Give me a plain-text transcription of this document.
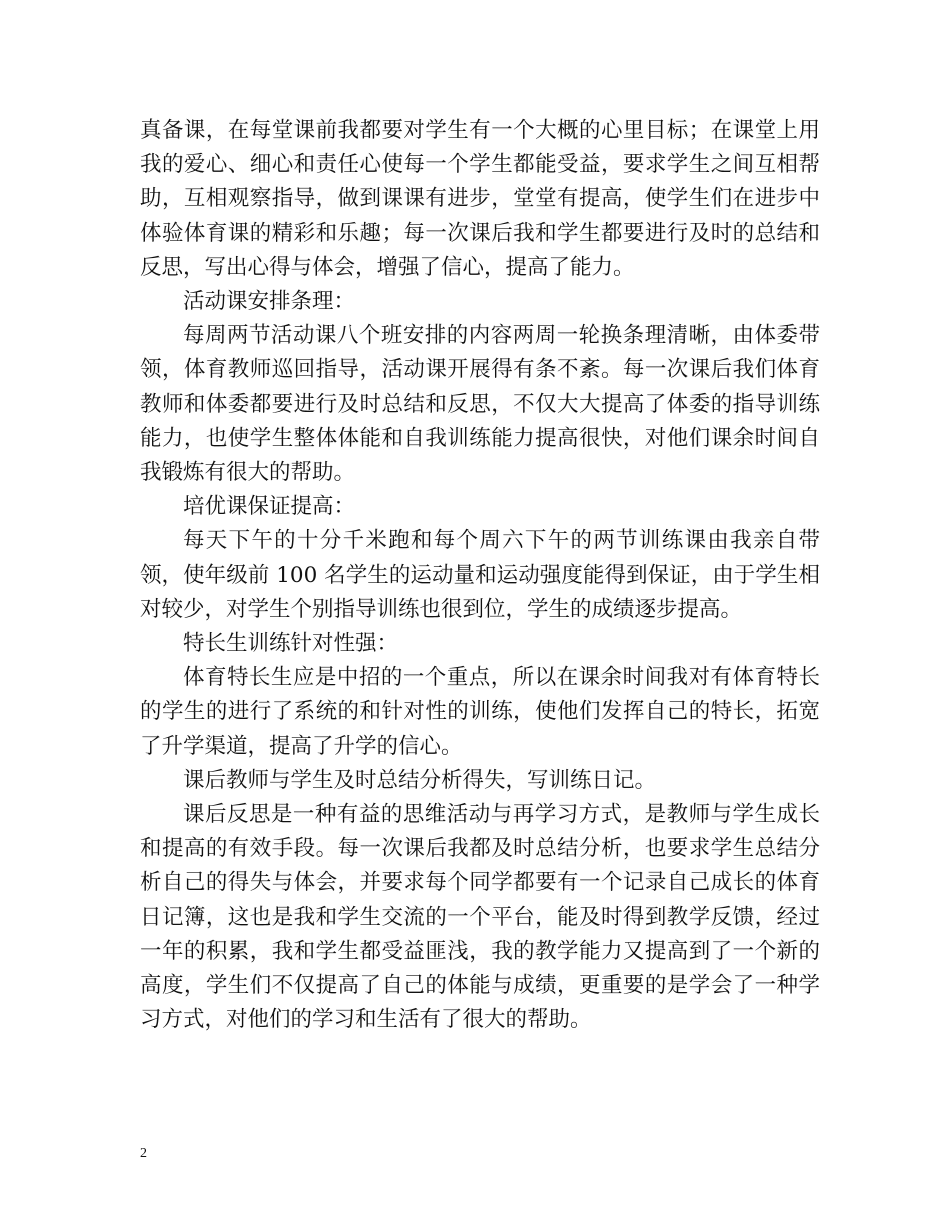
真备课，在每堂课前我都要对学生有一个大概的心里目标；在课堂上用我的爱心、细心和责任心使每一个学生都能受益，要求学生之间互相帮助，互相观察指导，做到课课有进步，堂堂有提高，使学生们在进步中体验体育课的精彩和乐趣；每一次课后我和学生都要进行及时的总结和反思，写出心得与体会，增强了信心，提高了能力。

活动课安排条理：

每周两节活动课八个班安排的内容两周一轮换条理清晰，由体委带领，体育教师巡回指导，活动课开展得有条不紊。每一次课后我们体育教师和体委都要进行及时总结和反思，不仅大大提高了体委的指导训练能力，也使学生整体体能和自我训练能力提高很快，对他们课余时间自我锻炼有很大的帮助。

培优课保证提高：

每天下午的十分千米跑和每个周六下午的两节训练课由我亲自带领，使年级前 100 名学生的运动量和运动强度能得到保证，由于学生相对较少，对学生个别指导训练也很到位，学生的成绩逐步提高。

特长生训练针对性强：

体育特长生应是中招的一个重点，所以在课余时间我对有体育特长的学生的进行了系统的和针对性的训练，使他们发挥自己的特长，拓宽了升学渠道，提高了升学的信心。

课后教师与学生及时总结分析得失，写训练日记。

课后反思是一种有益的思维活动与再学习方式，是教师与学生成长和提高的有效手段。每一次课后我都及时总结分析，也要求学生总结分析自己的得失与体会，并要求每个同学都要有一个记录自己成长的体育日记簿，这也是我和学生交流的一个平台，能及时得到教学反馈，经过一年的积累，我和学生都受益匪浅，我的教学能力又提高到了一个新的高度，学生们不仅提高了自己的体能与成绩，更重要的是学会了一种学习方式，对他们的学习和生活有了很大的帮助。

2
